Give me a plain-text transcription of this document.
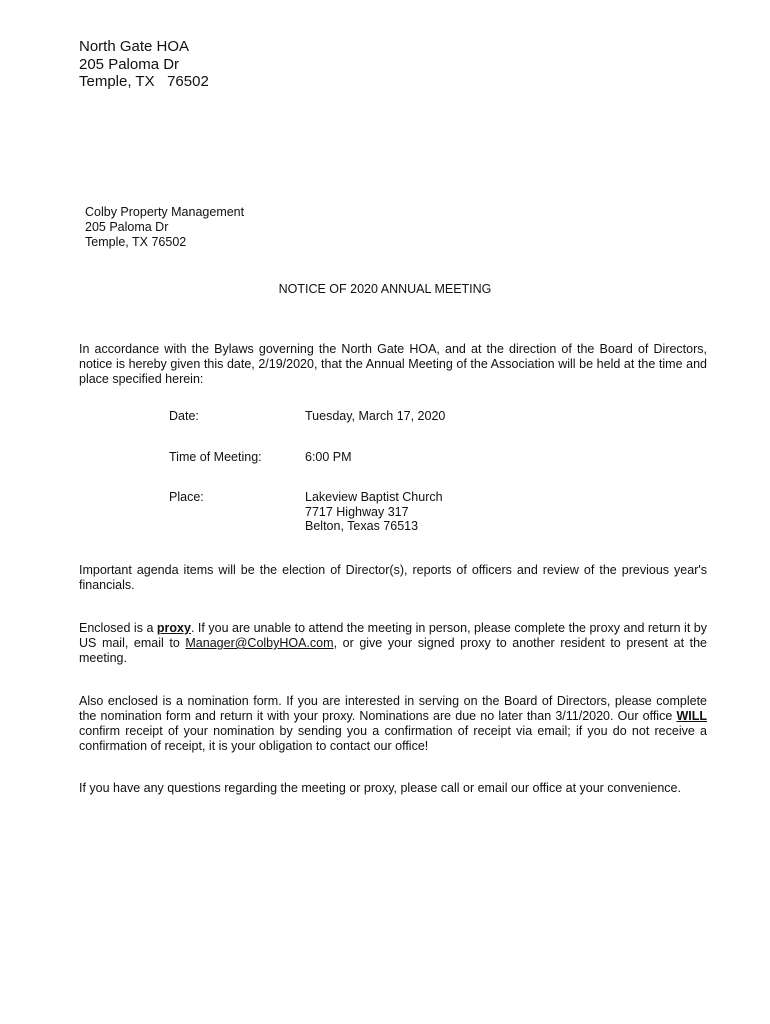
North Gate HOA
205 Paloma Dr
Temple, TX   76502
Colby Property Management
205 Paloma Dr
Temple, TX 76502
NOTICE OF 2020 ANNUAL MEETING
In accordance with the Bylaws governing the North Gate HOA, and at the direction of the Board of Directors, notice is hereby given this date, 2/19/2020, that the Annual Meeting of the Association will be held at the time and place specified herein:
Date:	Tuesday, March 17, 2020
Time of Meeting:	6:00 PM
Place:	Lakeview Baptist Church
7717 Highway 317
Belton, Texas 76513
Important agenda items will be the election of Director(s), reports of officers and review of the previous year's financials.
Enclosed is a proxy. If you are unable to attend the meeting in person, please complete the proxy and return it by US mail, email to Manager@ColbyHOA.com, or give your signed proxy to another resident to present at the meeting.
Also enclosed is a nomination form. If you are interested in serving on the Board of Directors, please complete the nomination form and return it with your proxy. Nominations are due no later than 3/11/2020. Our office WILL confirm receipt of your nomination by sending you a confirmation of receipt via email; if you do not receive a confirmation of receipt, it is your obligation to contact our office!
If you have any questions regarding the meeting or proxy, please call or email our office at your convenience.
